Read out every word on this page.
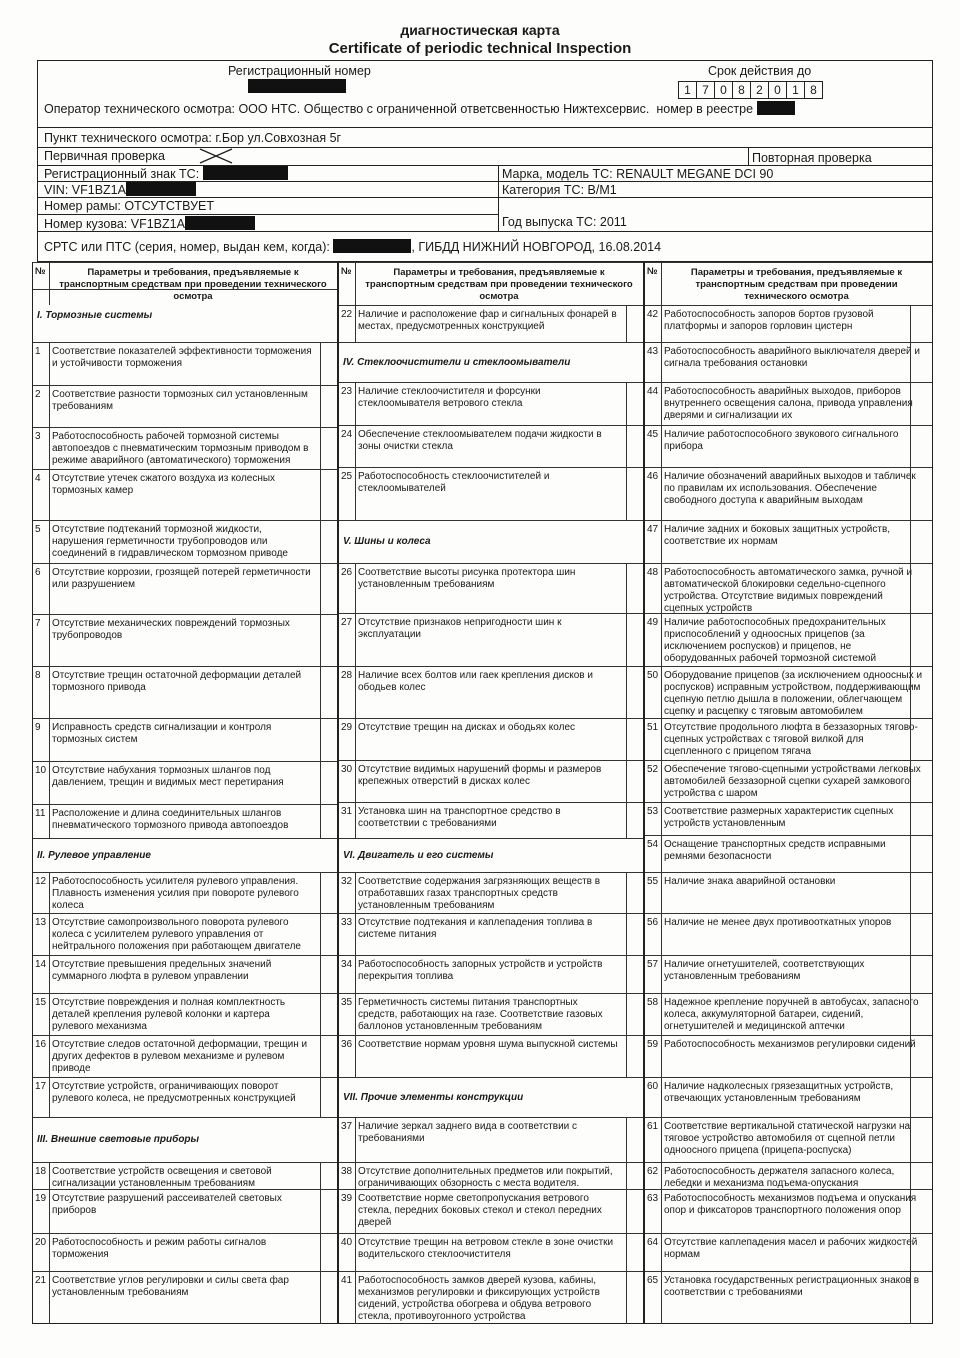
диагностическая карта
Certificate of periodic technical Inspection
Регистрационный номер	Срок действия до
1 7 0 8 2 0 1 8
Оператор технического осмотра: ООО НТС. Общество с ограниченной ответсвенностью Нижтехсервис. номер в реестре
Пункт технического осмотра: г.Бор ул.Совхозная 5г
Первичная проверка	Повторная проверка
Регистрационный знак ТС:	Марка, модель ТС: RENAULT MEGANE DCI 90
VIN: VF1BZ1A	Категория ТС: B/M1
Номер рамы: ОТСУТСТВУЕТ
Номер кузова: VF1BZ1A	Год выпуска ТС: 2011
СРТС или ПТС (серия, номер, выдан кем, когда):	, ГИБДД НИЖНИЙ НОВГОРОД, 16.08.2014
№	Параметры и требования, предъявляемые к транспортным средствам при проведении технического осмотра
I. Тормозные системы
1 Соответствие показателей эффективности торможения и устойчивости торможения
2 Соответствие разности тормозных сил установленным требованиям
3 Работоспособность рабочей тормозной системы автопоездов с пневматическим тормозным приводом в режиме аварийного (автоматического) торможения
4 Отсутствие утечек сжатого воздуха из колесных тормозных камер
5 Отсутствие подтеканий тормозной жидкости, нарушения герметичности трубопроводов или соединений в гидравлическом тормозном приводе
6 Отсутствие коррозии, грозящей потерей герметичности или разрушением
7 Отсутствие механических повреждений тормозных трубопроводов
8 Отсутствие трещин остаточной деформации деталей тормозного привода
9 Исправность средств сигнализации и контроля тормозных систем
10 Отсутствие набухания тормозных шлангов под давлением, трещин и видимых мест перетирания
11 Расположение и длина соединительных шлангов пневматического тормозного привода автопоездов
II. Рулевое управление
12 Работоспособность усилителя рулевого управления. Плавность изменения усилия при повороте рулевого колеса
13 Отсутствие самопроизвольного поворота рулевого колеса с усилителем рулевого управления от нейтрального положения при работающем двигателе
14 Отсутствие превышения предельных значений суммарного люфта в рулевом управлении
15 Отсутствие повреждения и полная комплектность деталей крепления рулевой колонки и картера рулевого механизма
16 Отсутствие следов остаточной деформации, трещин и других дефектов в рулевом механизме и рулевом приводе
17 Отсутствие устройств, ограничивающих поворот рулевого колеса, не предусмотренных конструкцией
III. Внешние световые приборы
18 Соответствие устройств освещения и световой сигнализации установленным требованиям
19 Отсутствие разрушений рассеивателей световых приборов
20 Работоспособность и режим работы сигналов торможения
21 Соответствие углов регулировки и силы света фар установленным требованиям
№	Параметры и требования, предъявляемые к транспортным средствам при проведении технического осмотра
22 Наличие и расположение фар и сигнальных фонарей в местах, предусмотренных конструкцией
IV. Стеклоочистители и стеклоомыватели
23 Наличие стеклоочистителя и форсунки стеклоомывателя ветрового стекла
24 Обеспечение стеклоомывателем подачи жидкости в зоны очистки стекла
25 Работоспособность стеклоочистителей и стеклоомывателей
V. Шины и колеса
26 Соответствие высоты рисунка протектора шин установленным требованиям
27 Отсутствие признаков непригодности шин к эксплуатации
28 Наличие всех болтов или гаек крепления дисков и ободьев колес
29 Отсутствие трещин на дисках и ободьях колес
30 Отсутствие видимых нарушений формы и размеров крепежных отверстий в дисках колес
31 Установка шин на транспортное средство в соответствии с требованиями
VI. Двигатель и его системы
32 Соответствие содержания загрязняющих веществ в отработавших газах транспортных средств установленным требованиям
33 Отсутствие подтекания и каплепадения топлива в системе питания
34 Работоспособность запорных устройств и устройств перекрытия топлива
35 Герметичность системы питания транспортных средств, работающих на газе. Соответствие газовых баллонов установленным требованиям
36 Соответствие нормам уровня шума выпускной системы
VII. Прочие элементы конструкции
37 Наличие зеркал заднего вида в соответствии с требованиями
38 Отсутствие дополнительных предметов или покрытий, ограничивающих обзорность с места водителя.
39 Соответствие норме светопропускания ветрового стекла, передних боковых стекол и стекол передних дверей
40 Отсутствие трещин на ветровом стекле в зоне очистки водительского стеклоочистителя
41 Работоспособность замков дверей кузова, кабины, механизмов регулировки и фиксирующих устройств сидений, устройства обогрева и обдува ветрового стекла, противоугонного устройства
№	Параметры и требования, предъявляемые к транспортным средствам при проведении технического осмотра
42 Работоспособность запоров бортов грузовой платформы и запоров горловин цистерн
43 Работоспособность аварийного выключателя дверей и сигнала требования остановки
44 Работоспособность аварийных выходов, приборов внутреннего освещения салона, привода управления дверями и сигнализации их
45 Наличие работоспособного звукового сигнального прибора
46 Наличие обозначений аварийных выходов и табличек по правилам их использования. Обеспечение свободного доступа к аварийным выходам
47 Наличие задних и боковых защитных устройств, соответствие их нормам
48 Работоспособность автоматического замка, ручной и автоматической блокировки седельно-сцепного устройства. Отсутствие видимых повреждений сцепных устройств
49 Наличие работоспособных предохранительных приспособлений у одноосных прицепов (за исключением роспусков) и прицепов, не оборудованных рабочей тормозной системой
50 Оборудование прицепов (за исключением одноосных и роспусков) исправным устройством, поддерживающим сцепную петлю дышла в положении, облегчающем сцепку и расцепку с тяговым автомобилем
51 Отсутствие продольного люфта в беззазорных тягово-сцепных устройствах с тяговой вилкой для сцепленного с прицепом тягача
52 Обеспечение тягово-сцепными устройствами легковых автомобилей беззазорной сцепки сухарей замкового устройства с шаром
53 Соответствие размерных характеристик сцепных устройств установленным
54 Оснащение транспортных средств исправными ремнями безопасности
55 Наличие знака аварийной остановки
56 Наличие не менее двух противооткатных упоров
57 Наличие огнетушителей, соответствующих установленным требованиям
58 Надежное крепление поручней в автобусах, запасного колеса, аккумуляторной батареи, сидений, огнетушителей и медицинской аптечки
59 Работоспособность механизмов регулировки сидений
60 Наличие надколесных грязезащитных устройств, отвечающих установленным требованиям
61 Соответствие вертикальной статической нагрузки на тяговое устройство автомобиля от сцепной петли одноосного прицепа (прицепа-роспуска)
62 Работоспособность держателя запасного колеса, лебедки и механизма подъема-опускания
63 Работоспособность механизмов подъема и опускания опор и фиксаторов транспортного положения опор
64 Отсутствие каплепадения масел и рабочих жидкостей нормам
65 Установка государственных регистрационных знаков в соответствии с требованиями
